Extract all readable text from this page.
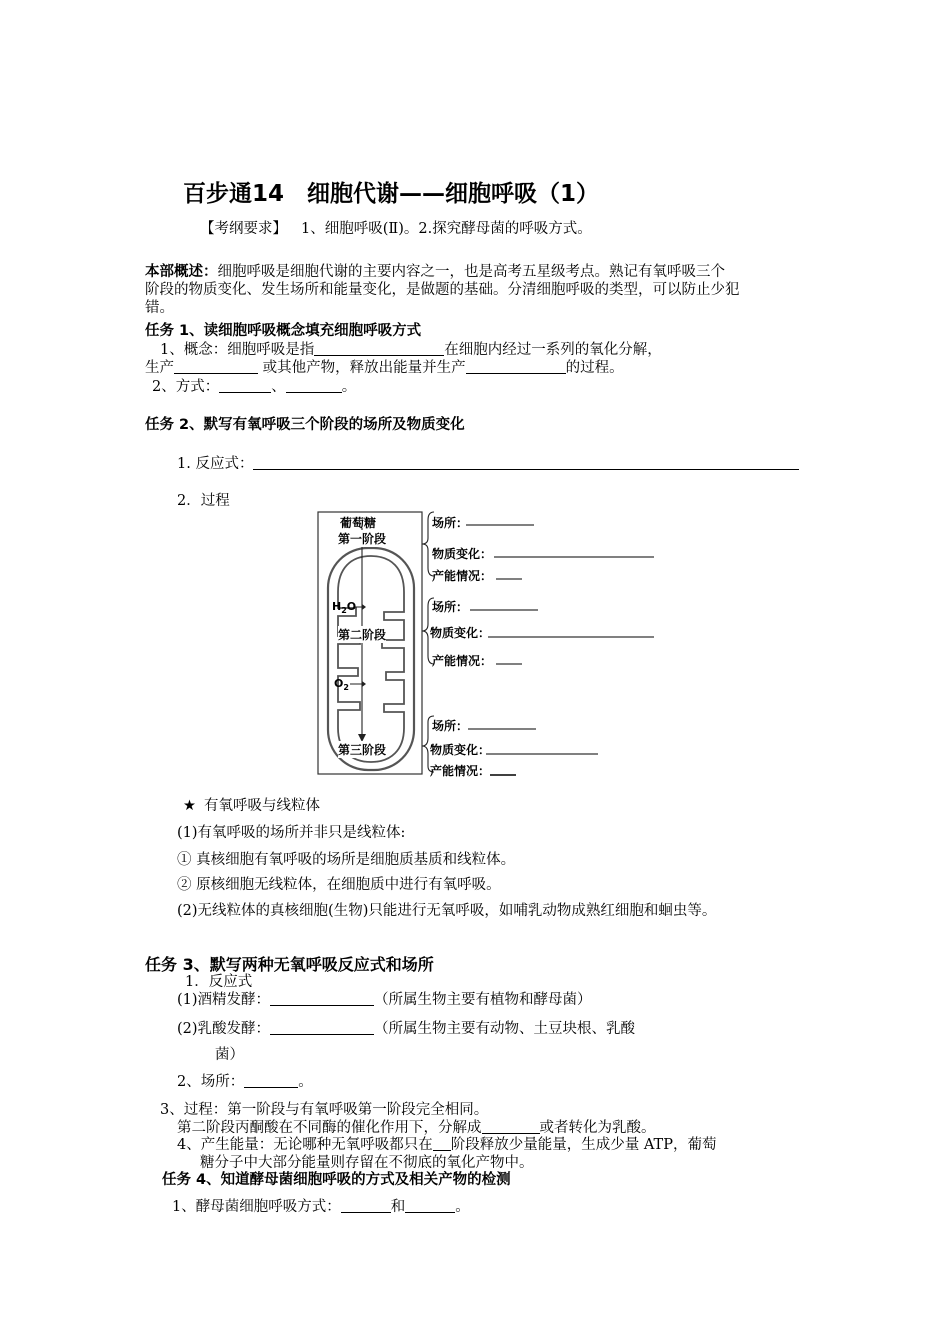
百步通14　细胞代谢——细胞呼吸（1）
【考纲要求】 1、细胞呼吸(Ⅱ)。2.探究酵母菌的呼吸方式。
本部概述：细胞呼吸是细胞代谢的主要内容之一，也是高考五星级考点。熟记有氧呼吸三个
阶段的物质变化、发生场所和能量变化，是做题的基础。分清细胞呼吸的类型，可以防止少犯
错。
任务 1、读细胞呼吸概念填充细胞呼吸方式
1、概念：细胞呼吸是指	在细胞内经过一系列的氧化分解，
生产	或其他产物，释放出能量并生产	的过程。
2、方式：	、	。
任务 2、默写有氧呼吸三个阶段的场所及物质变化
1. 反应式：
2．过程
葡萄糖
第一阶段
$H_2O$
第二阶段
$O_2$
第三阶段
场所：
物质变化：
产能情况：
场所：
物质变化：
产能情况：
场所：
物质变化：
产能情况：
★ 有氧呼吸与线粒体
(1)有氧呼吸的场所并非只是线粒体:
① 真核细胞有氧呼吸的场所是细胞质基质和线粒体。
② 原核细胞无线粒体，在细胞质中进行有氧呼吸。
(2)无线粒体的真核细胞(生物)只能进行无氧呼吸，如哺乳动物成熟红细胞和蛔虫等。
任务 3、默写两种无氧呼吸反应式和场所
1．反应式
(1)酒精发酵：	（所属生物主要有植物和酵母菌）
(2)乳酸发酵：	（所属生物主要有动物、土豆块根、乳酸
菌）
2、场所：	。
3、过程：第一阶段与有氧呼吸第一阶段完全相同。
第二阶段丙酮酸在不同酶的催化作用下，分解成	或者转化为乳酸。
4、产生能量：无论哪种无氧呼吸都只在 阶段释放少量能量，生成少量 ATP，葡萄
糖分子中大部分能量则存留在不彻底的氧化产物中。
任务 4、知道酵母菌细胞呼吸的方式及相关产物的检测
1、酵母菌细胞呼吸方式：	和	。
